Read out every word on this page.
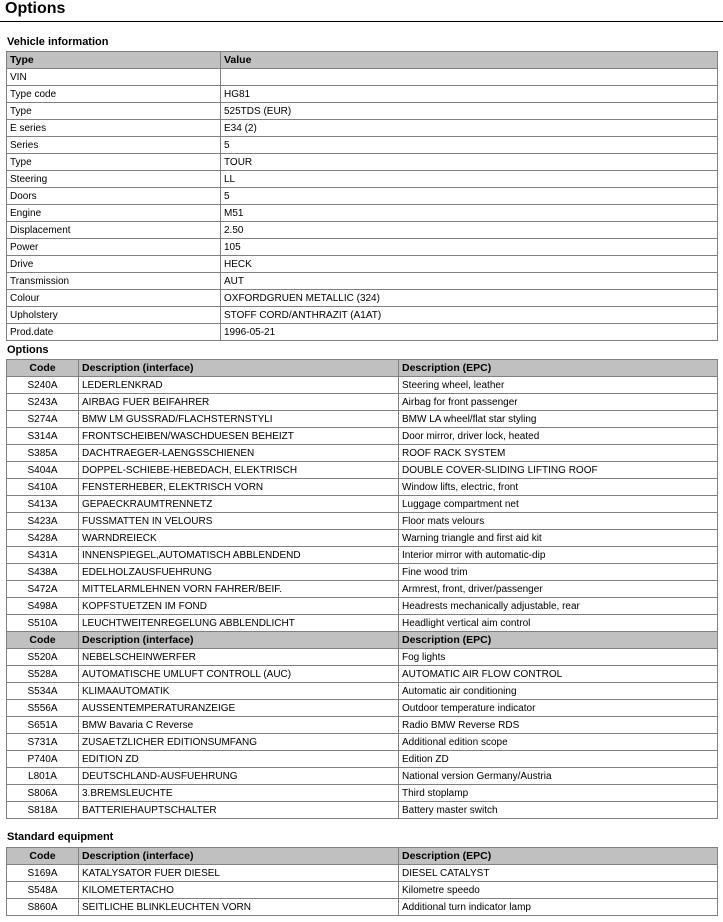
Options
Vehicle information
Type	Value
VIN	
Type code	HG81
Type	525TDS (EUR)
E series	E34 (2)
Series	5
Type	TOUR
Steering	LL
Doors	5
Engine	M51
Displacement	2.50
Power	105
Drive	HECK
Transmission	AUT
Colour	OXFORDGRUEN METALLIC (324)
Upholstery	STOFF CORD/ANTHRAZIT (A1AT)
Prod.date	1996-05-21
Options
Code	Description (interface)	Description (EPC)
S240A	LEDERLENKRAD	Steering wheel, leather
S243A	AIRBAG FUER BEIFAHRER	Airbag for front passenger
S274A	BMW LM GUSSRAD/FLACHSTERNSTYLI	BMW LA wheel/flat star styling
S314A	FRONTSCHEIBEN/WASCHDUESEN BEHEIZT	Door mirror, driver lock, heated
S385A	DACHTRAEGER-LAENGSSCHIENEN	ROOF RACK SYSTEM
S404A	DOPPEL-SCHIEBE-HEBEDACH, ELEKTRISCH	DOUBLE COVER-SLIDING LIFTING ROOF
S410A	FENSTERHEBER, ELEKTRISCH VORN	Window lifts, electric, front
S413A	GEPAECKRAUMTRENNETZ	Luggage compartment net
S423A	FUSSMATTEN IN VELOURS	Floor mats velours
S428A	WARNDREIECK	Warning triangle and first aid kit
S431A	INNENSPIEGEL,AUTOMATISCH ABBLENDEND	Interior mirror with automatic-dip
S438A	EDELHOLZAUSFUEHRUNG	Fine wood trim
S472A	MITTELARMLEHNEN VORN FAHRER/BEIF.	Armrest, front, driver/passenger
S498A	KOPFSTUETZEN IM FOND	Headrests mechanically adjustable, rear
S510A	LEUCHTWEITENREGELUNG ABBLENDLICHT	Headlight vertical aim control
Code	Description (interface)	Description (EPC)
S520A	NEBELSCHEINWERFER	Fog lights
S528A	AUTOMATISCHE UMLUFT CONTROLL (AUC)	AUTOMATIC AIR FLOW CONTROL
S534A	KLIMAAUTOMATIK	Automatic air conditioning
S556A	AUSSENTEMPERATURANZEIGE	Outdoor temperature indicator
S651A	BMW Bavaria C Reverse	Radio BMW Reverse RDS
S731A	ZUSAETZLICHER EDITIONSUMFANG	Additional edition scope
P740A	EDITION ZD	Edition ZD
L801A	DEUTSCHLAND-AUSFUEHRUNG	National version Germany/Austria
S806A	3.BREMSLEUCHTE	Third stoplamp
S818A	BATTERIEHAUPTSCHALTER	Battery master switch
Standard equipment
Code	Description (interface)	Description (EPC)
S169A	KATALYSATOR FUER DIESEL	DIESEL CATALYST
S548A	KILOMETERTACHO	Kilometre speedo
S860A	SEITLICHE BLINKLEUCHTEN VORN	Additional turn indicator lamp
